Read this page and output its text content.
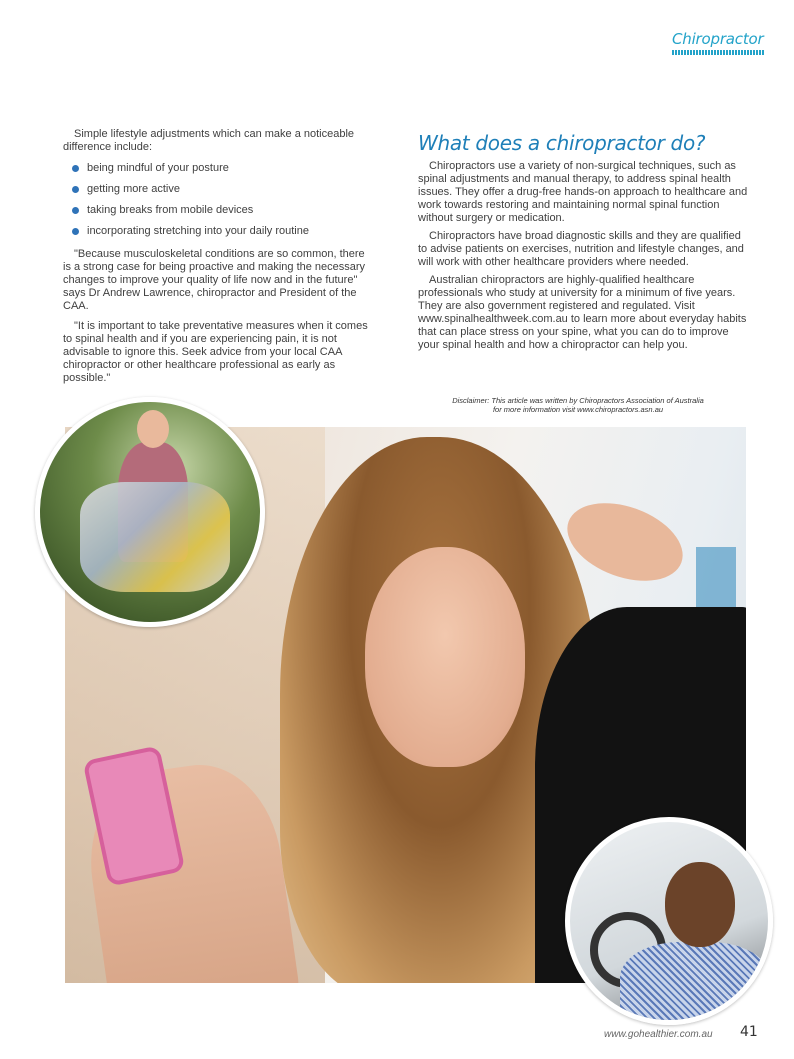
Chiropractor

Simple lifestyle adjustments which can make a noticeable difference include:

being mindful of your posture
getting more active
taking breaks from mobile devices
incorporating stretching into your daily routine

"Because musculoskeletal conditions are so common, there is a strong case for being proactive and making the necessary changes to improve your quality of life now and in the future" says Dr Andrew Lawrence, chiropractor and President of the CAA.

"It is important to take preventative measures when it comes to spinal health and if you are experiencing pain, it is not advisable to ignore this. Seek advice from your local CAA chiropractor or other healthcare professional as early as possible."

What does a chiropractor do?

Chiropractors use a variety of non-surgical techniques, such as spinal adjustments and manual therapy, to address spinal health issues. They offer a drug-free hands-on approach to healthcare and work towards restoring and maintaining normal spinal function without surgery or medication.

Chiropractors have broad diagnostic skills and they are qualified to advise patients on exercises, nutrition and lifestyle changes, and will work with other healthcare providers where needed.

Australian chiropractors are highly-qualified healthcare professionals who study at university for a minimum of five years. They are also government registered and regulated. Visit www.spinalhealthweek.com.au to learn more about everyday habits that can place stress on your spine, what you can do to improve your spinal health and how a chiropractor can help you.

Disclaimer: This article was written by Chiropractors Association of Australia
for more information visit www.chiropractors.asn.au
www.gohealthier.com.au 41
